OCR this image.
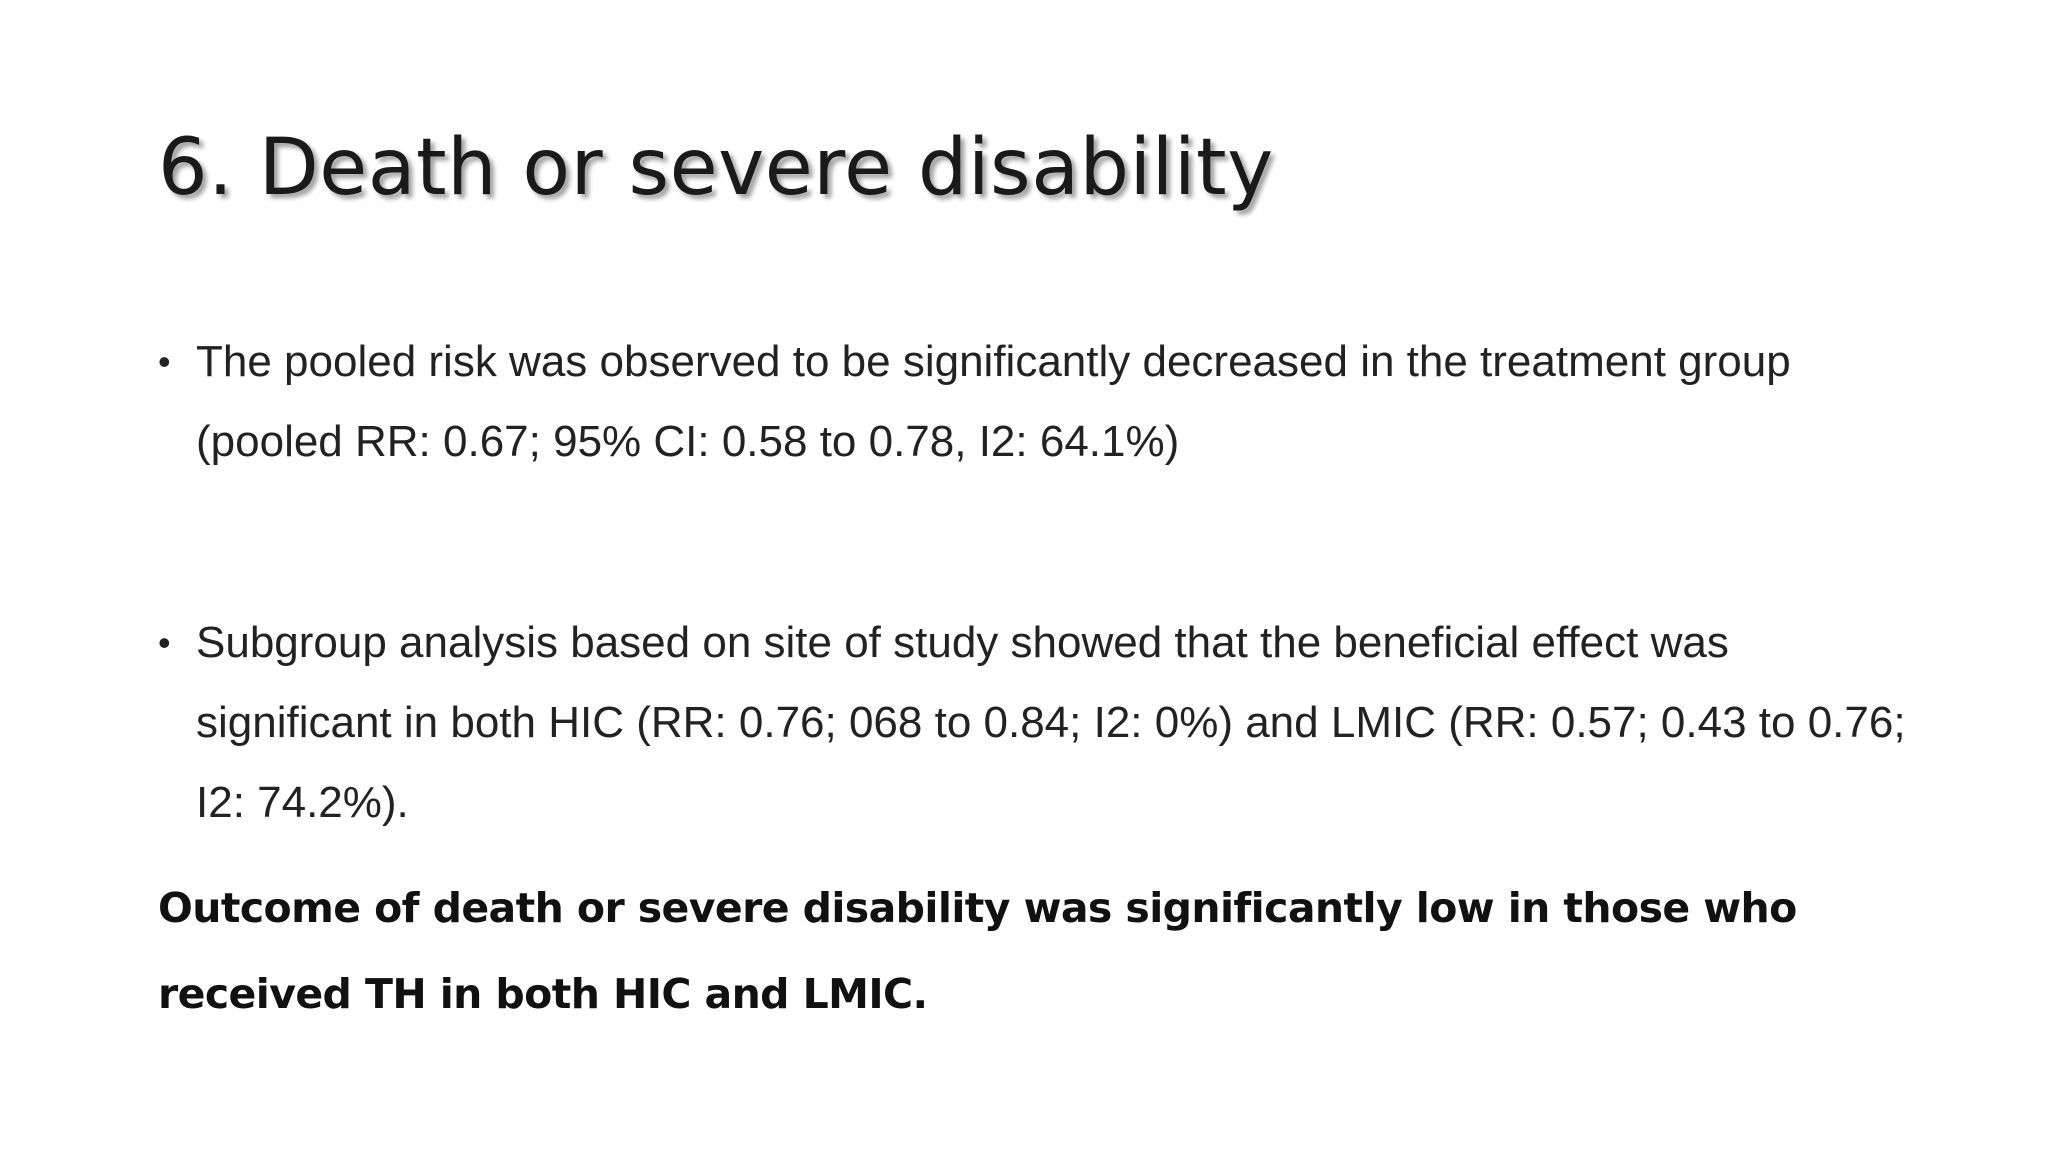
6. Death or severe disability
• The pooled risk was observed to be significantly decreased in the treatment group (pooled RR: 0.67; 95% CI: 0.58 to 0.78, I2: 64.1%)
• Subgroup analysis based on site of study showed that the beneficial effect was significant in both HIC (RR: 0.76; 068 to 0.84; I2: 0%) and LMIC (RR: 0.57; 0.43 to 0.76; I2: 74.2%).
Outcome of death or severe disability was significantly low in those who received TH in both HIC and LMIC.
